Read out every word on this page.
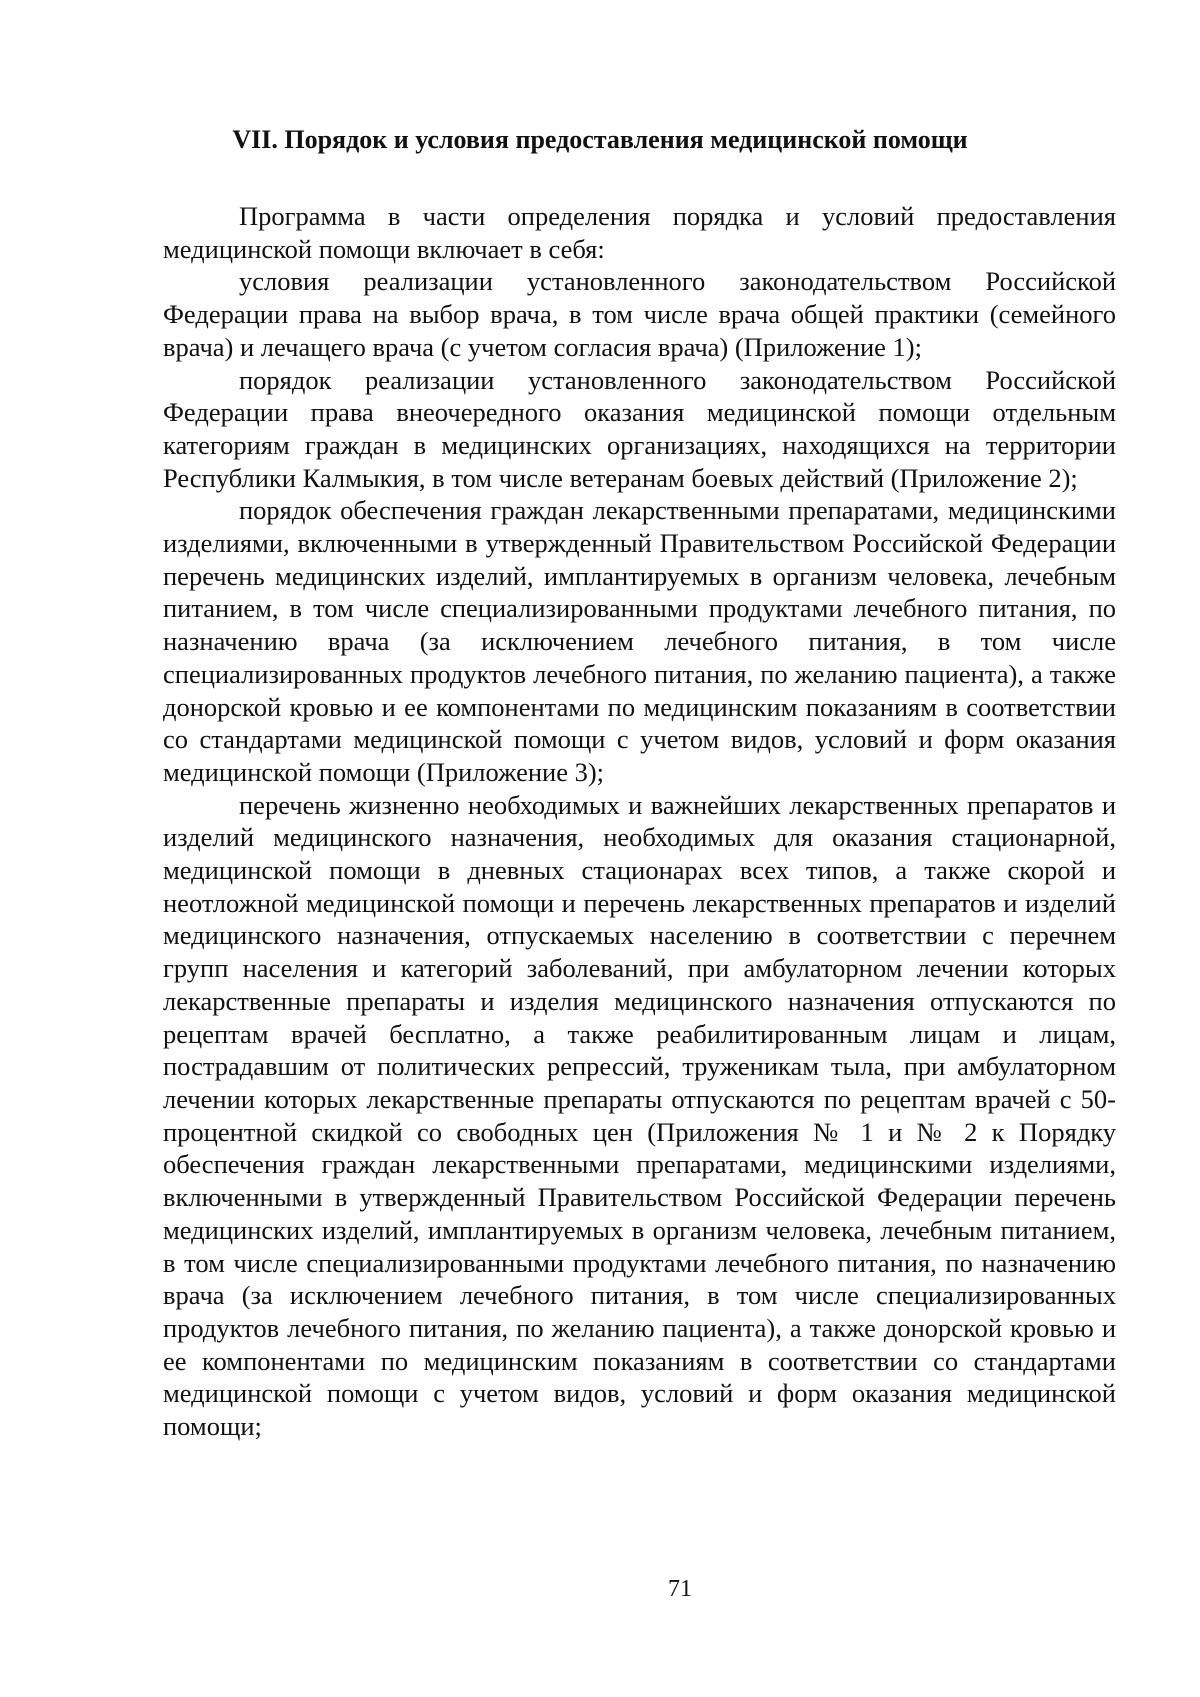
VII. Порядок и условия предоставления медицинской помощи

Программа в части определения порядка и условий предоставления медицинской помощи включает в себя:

условия реализации установленного законодательством Российской Федерации права на выбор врача, в том числе врача общей практики (семейного врача) и лечащего врача (с учетом согласия врача) (Приложение 1);

порядок реализации установленного законодательством Российской Федерации права внеочередного оказания медицинской помощи отдельным категориям граждан в медицинских организациях, находящихся на территории Республики Калмыкия, в том числе ветеранам боевых действий (Приложение 2);

порядок обеспечения граждан лекарственными препаратами, медицинскими изделиями, включенными в утвержденный Правительством Российской Федерации перечень медицинских изделий, имплантируемых в организм человека, лечебным питанием, в том числе специализированными продуктами лечебного питания, по назначению врача (за исключением лечебного питания, в том числе специализированных продуктов лечебного питания, по желанию пациента), а также донорской кровью и ее компонентами по медицинским показаниям в соответствии со стандартами медицинской помощи с учетом видов, условий и форм оказания медицинской помощи (Приложение 3);

перечень жизненно необходимых и важнейших лекарственных препаратов и изделий медицинского назначения, необходимых для оказания стационарной, медицинской помощи в дневных стационарах всех типов, а также скорой и неотложной медицинской помощи и перечень лекарственных препаратов и изделий медицинского назначения, отпускаемых населению в соответствии с перечнем групп населения и категорий заболеваний, при амбулаторном лечении которых лекарственные препараты и изделия медицинского назначения отпускаются по рецептам врачей бесплатно, а также реабилитированным лицам и лицам, пострадавшим от политических репрессий, труженикам тыла, при амбулаторном лечении которых лекарственные препараты отпускаются по рецептам врачей с 50-процентной скидкой со свободных цен (Приложения № 1 и № 2 к Порядку обеспечения граждан лекарственными препаратами, медицинскими изделиями, включенными в утвержденный Правительством Российской Федерации перечень медицинских изделий, имплантируемых в организм человека, лечебным питанием, в том числе специализированными продуктами лечебного питания, по назначению врача (за исключением лечебного питания, в том числе специализированных продуктов лечебного питания, по желанию пациента), а также донорской кровью и ее компонентами по медицинским показаниям в соответствии со стандартами медицинской помощи с учетом видов, условий и форм оказания медицинской помощи;

71
